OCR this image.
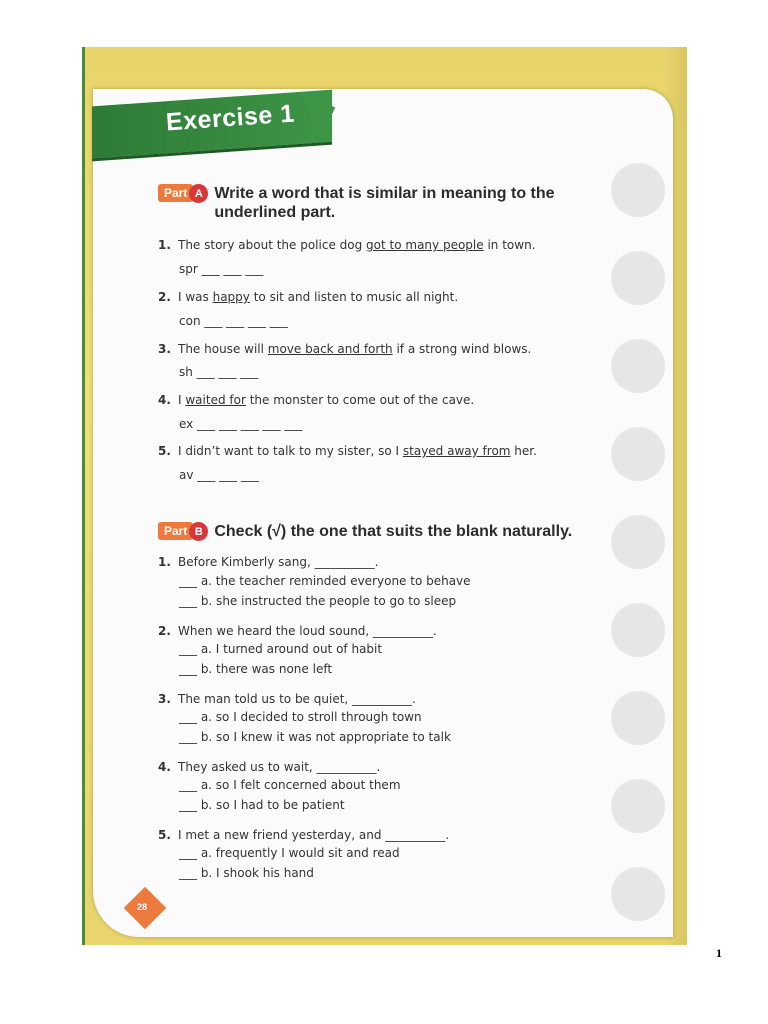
Exercise 1
Part A Write a word that is similar in meaning to the
underlined part.
1. The story about the police dog got to many people in town.
spr ___ ___ ___
2. I was happy to sit and listen to music all night.
con ___ ___ ___ ___
3. The house will move back and forth if a strong wind blows.
sh ___ ___ ___
4. I waited for the monster to come out of the cave.
ex ___ ___ ___ ___ ___
5. I didn’t want to talk to my sister, so I stayed away from her.
av ___ ___ ___
Part B Check (√) the one that suits the blank naturally.
1. Before Kimberly sang, __________.
___ a. the teacher reminded everyone to behave
___ b. she instructed the people to go to sleep
2. When we heard the loud sound, __________.
___ a. I turned around out of habit
___ b. there was none left
3. The man told us to be quiet, __________.
___ a. so I decided to stroll through town
___ b. so I knew it was not appropriate to talk
4. They asked us to wait, __________.
___ a. so I felt concerned about them
___ b. so I had to be patient
5. I met a new friend yesterday, and __________.
___ a. frequently I would sit and read
___ b. I shook his hand
28
1
